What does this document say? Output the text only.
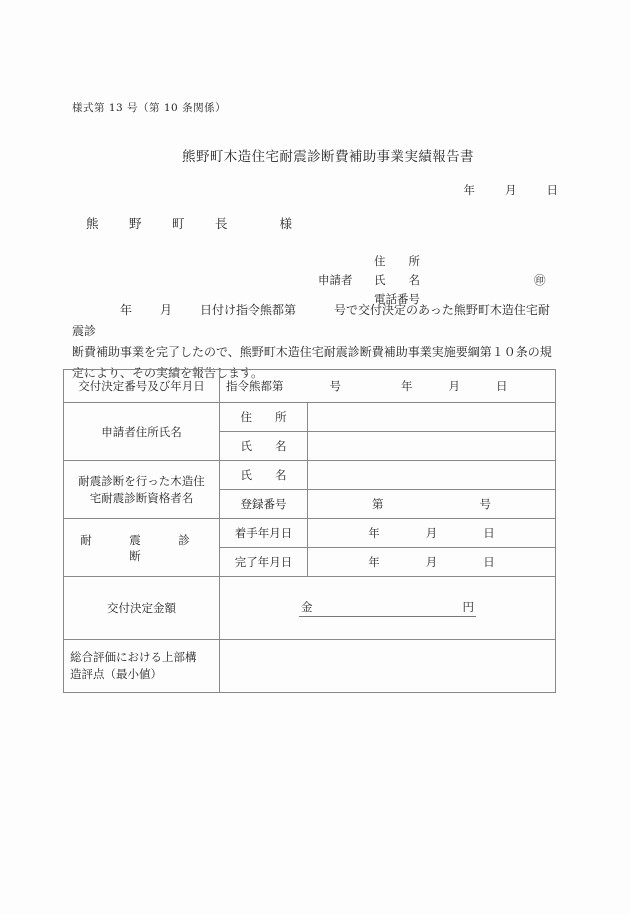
様式第 13 号（第 10 条関係）
熊野町木造住宅耐震診断費補助事業実績報告書
年	月	日
熊　野　町　長　　様
住　　所
申請者 氏　　名	㊞
電話番号
年 月 日付け指令熊都第	号で交付決定のあった熊野町木造住宅耐震診
断費補助事業を完了したので、熊野町木造住宅耐震診断費補助事業実施要綱第１０条の規
定により、その実績を報告します。
交付決定番号及び年月日	指令熊都第 号 年 月 日	
申請者住所氏名	住　　所	
	氏　　名	

耐震診断を行った木造住
宅耐震診断資格者名	氏　　名	
	登録番号	第 号
耐　震　診　断	着手年月日	年 月 日
	完了年月日	年 月 日
交付決定金額	金 円	

総合評価における上部構
造評点（最小値）		
